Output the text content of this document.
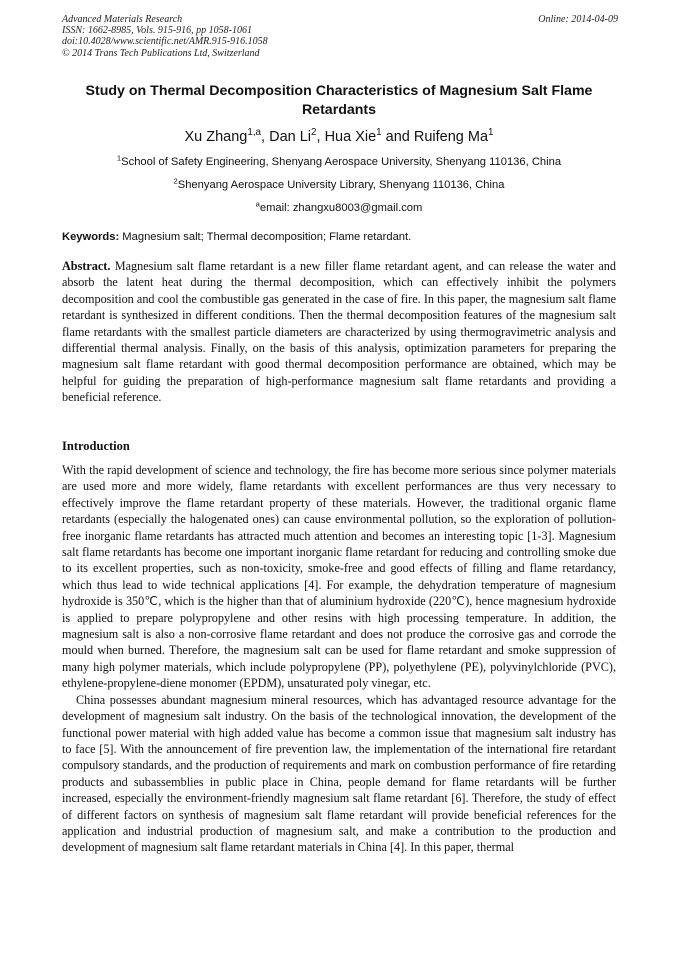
Advanced Materials Research
ISSN: 1662-8985, Vols. 915-916, pp 1058-1061
doi:10.4028/www.scientific.net/AMR.915-916.1058
© 2014 Trans Tech Publications Ltd, Switzerland
Online: 2014-04-09
Study on Thermal Decomposition Characteristics of Magnesium Salt Flame Retardants
Xu Zhang$^{1,a}$, Dan Li$^2$, Hua Xie$^1$ and Ruifeng Ma$^1$
$^1$School of Safety Engineering, Shenyang Aerospace University, Shenyang 110136, China
$^2$Shenyang Aerospace University Library, Shenyang 110136, China
$^a$email: zhangxu8003@gmail.com
Keywords: Magnesium salt; Thermal decomposition; Flame retardant.
Abstract. Magnesium salt flame retardant is a new filler flame retardant agent, and can release the water and absorb the latent heat during the thermal decomposition, which can effectively inhibit the polymers decomposition and cool the combustible gas generated in the case of fire. In this paper, the magnesium salt flame retardant is synthesized in different conditions. Then the thermal decomposition features of the magnesium salt flame retardants with the smallest particle diameters are characterized by using thermogravimetric analysis and differential thermal analysis. Finally, on the basis of this analysis, optimization parameters for preparing the magnesium salt flame retardant with good thermal decomposition performance are obtained, which may be helpful for guiding the preparation of high-performance magnesium salt flame retardants and providing a beneficial reference.
Introduction
With the rapid development of science and technology, the fire has become more serious since polymer materials are used more and more widely, flame retardants with excellent performances are thus very necessary to effectively improve the flame retardant property of these materials. However, the traditional organic flame retardants (especially the halogenated ones) can cause environmental pollution, so the exploration of pollution-free inorganic flame retardants has attracted much attention and becomes an interesting topic [1-3]. Magnesium salt flame retardants has become one important inorganic flame retardant for reducing and controlling smoke due to its excellent properties, such as non-toxicity, smoke-free and good effects of filling and flame retardancy, which thus lead to wide technical applications [4]. For example, the dehydration temperature of magnesium hydroxide is 350℃, which is the higher than that of aluminium hydroxide (220℃), hence magnesium hydroxide is applied to prepare polypropylene and other resins with high processing temperature. In addition, the magnesium salt is also a non-corrosive flame retardant and does not produce the corrosive gas and corrode the mould when burned. Therefore, the magnesium salt can be used for flame retardant and smoke suppression of many high polymer materials, which include polypropylene (PP), polyethylene (PE), polyvinylchloride (PVC), ethylene-propylene-diene monomer (EPDM), unsaturated poly vinegar, etc.
China possesses abundant magnesium mineral resources, which has advantaged resource advantage for the development of magnesium salt industry. On the basis of the technological innovation, the development of the functional power material with high added value has become a common issue that magnesium salt industry has to face [5]. With the announcement of fire prevention law, the implementation of the international fire retardant compulsory standards, and the production of requirements and mark on combustion performance of fire retarding products and subassemblies in public place in China, people demand for flame retardants will be further increased, especially the environment-friendly magnesium salt flame retardant [6]. Therefore, the study of effect of different factors on synthesis of magnesium salt flame retardant will provide beneficial references for the application and industrial production of magnesium salt, and make a contribution to the production and development of magnesium salt flame retardant materials in China [4]. In this paper, thermal
